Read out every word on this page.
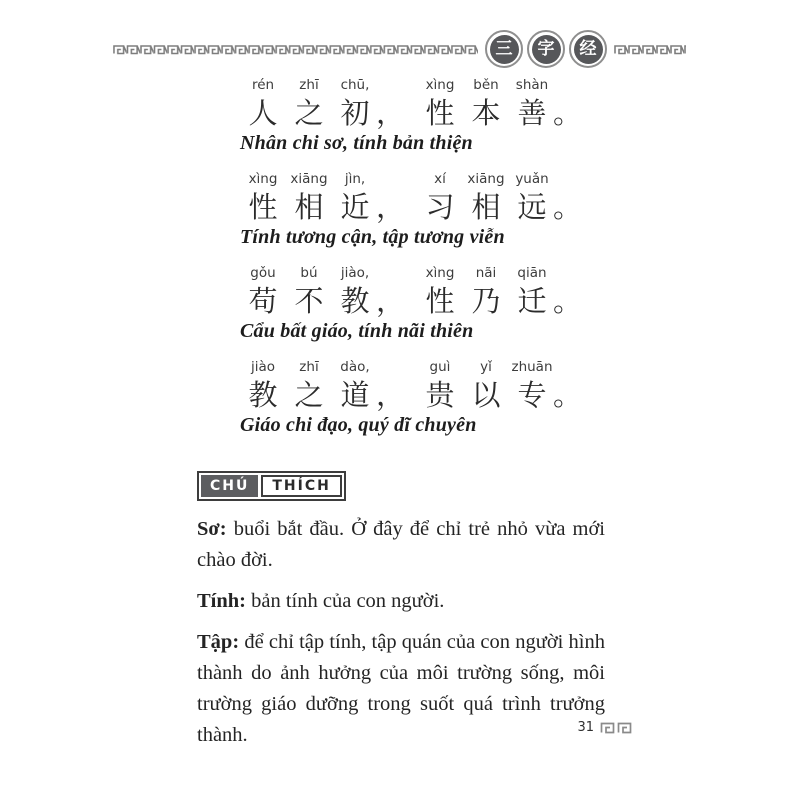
三	字	经
rén
人
zhī
之
chū,
初 ，
xìng
性
běn
本
shàn
善 。
Nhân chi sơ, tính bản thiện
xìng
性
xiāng
相
jìn,
近 ，
xí
习
xiāng
相
yuǎn
远 。
Tính tương cận, tập tương viễn
gǒu
苟
bú
不
jiào,
教 ，
xìng
性
nãi
乃
qiān
迁 。
Cẩu bất giáo, tính nãi thiên
jiào
教
zhī
之
dào,
道 ，
guì
贵
yǐ
以
zhuān
专 。
Giáo chi đạo, quý dĩ chuyên
CHÚ	THÍCH

Sơ: buổi bắt đầu. Ở đây để chỉ trẻ nhỏ vừa mới chào đời.

Tính: bản tính của con người.

Tập: để chỉ tập tính, tập quán của con người hình thành do ảnh hưởng của môi trường sống, môi trường giáo dưỡng trong suốt quá trình trưởng thành.	31
